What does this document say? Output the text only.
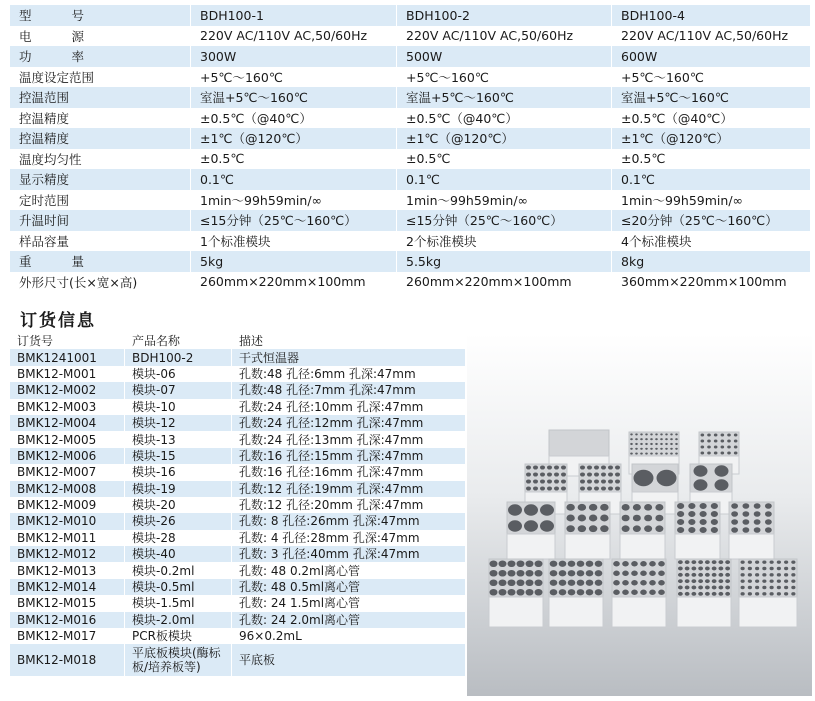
型 号	BDH100-1	BDH100-2	BDH100-4
电 源	220V AC/110V AC,50/60Hz	220V AC/110V AC,50/60Hz	220V AC/110V AC,50/60Hz
功 率	300W	500W	600W
温度设定范围	+5℃～160℃	+5℃～160℃	+5℃～160℃
控温范围	室温+5℃～160℃	室温+5℃～160℃	室温+5℃～160℃
控温精度	±0.5℃（@40℃）	±0.5℃（@40℃）	±0.5℃（@40℃）
控温精度	±1℃（@120℃）	±1℃（@120℃）	±1℃（@120℃）
温度均匀性	±0.5℃	±0.5℃	±0.5℃
显示精度	0.1℃	0.1℃	0.1℃
定时范围	1min～99h59min/∞	1min～99h59min/∞	1min～99h59min/∞
升温时间	≤15分钟（25℃～160℃）	≤15分钟（25℃～160℃）	≤20分钟（25℃～160℃）
样品容量	1个标准模块	2个标准模块	4个标准模块
重 量	5kg	5.5kg	8kg
外形尺寸(长×宽×高)	260mm×220mm×100mm	260mm×220mm×100mm	360mm×220mm×100mm
订货信息
订货号	产品名称	描述
BMK1241001	BDH100-2	干式恒温器
BMK12-M001	模块-06	孔数:48 孔径:6mm 孔深:47mm
BMK12-M002	模块-07	孔数:48 孔径:7mm 孔深:47mm
BMK12-M003	模块-10	孔数:24 孔径:10mm 孔深:47mm
BMK12-M004	模块-12	孔数:24 孔径:12mm 孔深:47mm
BMK12-M005	模块-13	孔数:24 孔径:13mm 孔深:47mm
BMK12-M006	模块-15	孔数:16 孔径:15mm 孔深:47mm
BMK12-M007	模块-16	孔数:16 孔径:16mm 孔深:47mm
BMK12-M008	模块-19	孔数:12 孔径:19mm 孔深:47mm
BMK12-M009	模块-20	孔数:12 孔径:20mm 孔深:47mm
BMK12-M010	模块-26	孔数: 8 孔径:26mm 孔深:47mm
BMK12-M011	模块-28	孔数: 4 孔径:28mm 孔深:47mm
BMK12-M012	模块-40	孔数: 3 孔径:40mm 孔深:47mm
BMK12-M013	模块-0.2ml	孔数: 48 0.2ml离心管
BMK12-M014	模块-0.5ml	孔数: 48 0.5ml离心管
BMK12-M015	模块-1.5ml	孔数: 24 1.5ml离心管
BMK12-M016	模块-2.0ml	孔数: 24 2.0ml离心管
BMK12-M017	PCR板模块	96×0.2mL
BMK12-M018	平底板模块(酶标板/培养板等)	平底板
